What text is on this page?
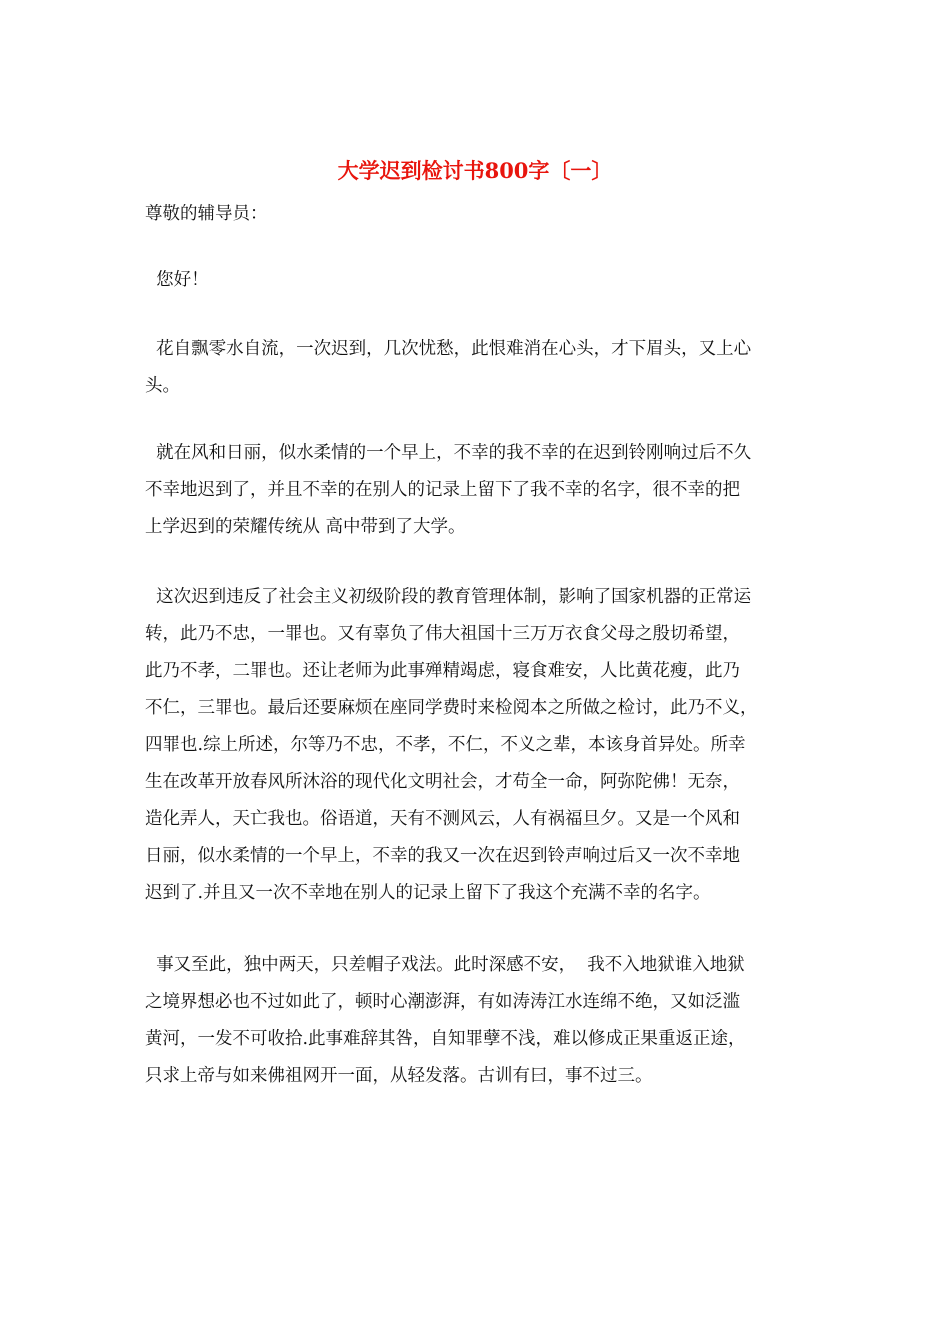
大学迟到检讨书800字〔一〕

尊敬的辅导员：

您好！

花自飘零水自流，一次迟到，几次忧愁，此恨难消在心头，才下眉头，又上心
头。

就在风和日丽，似水柔情的一个早上，不幸的我不幸的在迟到铃刚响过后不久
不幸地迟到了，并且不幸的在别人的记录上留下了我不幸的名字，很不幸的把
上学迟到的荣耀传统从 高中带到了大学。

这次迟到违反了社会主义初级阶段的教育管理体制，影响了国家机器的正常运
转，此乃不忠，一罪也。又有辜负了伟大祖国十三万万衣食父母之殷切希望，
此乃不孝，二罪也。还让老师为此事殚精竭虑，寝食难安，人比黄花瘦，此乃
不仁，三罪也。最后还要麻烦在座同学费时来检阅本之所做之检讨，此乃不义，
四罪也.综上所述，尔等乃不忠，不孝，不仁，不义之辈，本该身首异处。所幸
生在改革开放春风所沐浴的现代化文明社会，才苟全一命，阿弥陀佛！无奈，
造化弄人，天亡我也。俗语道，天有不测风云，人有祸福旦夕。又是一个风和
日丽，似水柔情的一个早上，不幸的我又一次在迟到铃声响过后又一次不幸地
迟到了.并且又一次不幸地在别人的记录上留下了我这个充满不幸的名字。

事又至此，独中两天，只差帽子戏法。此时深感不安，  我不入地狱谁入地狱
之境界想必也不过如此了，顿时心潮澎湃，有如涛涛江水连绵不绝，又如泛滥
黄河，一发不可收拾.此事难辞其咎，自知罪孽不浅，难以修成正果重返正途，
只求上帝与如来佛祖网开一面，从轻发落。古训有曰，事不过三。
